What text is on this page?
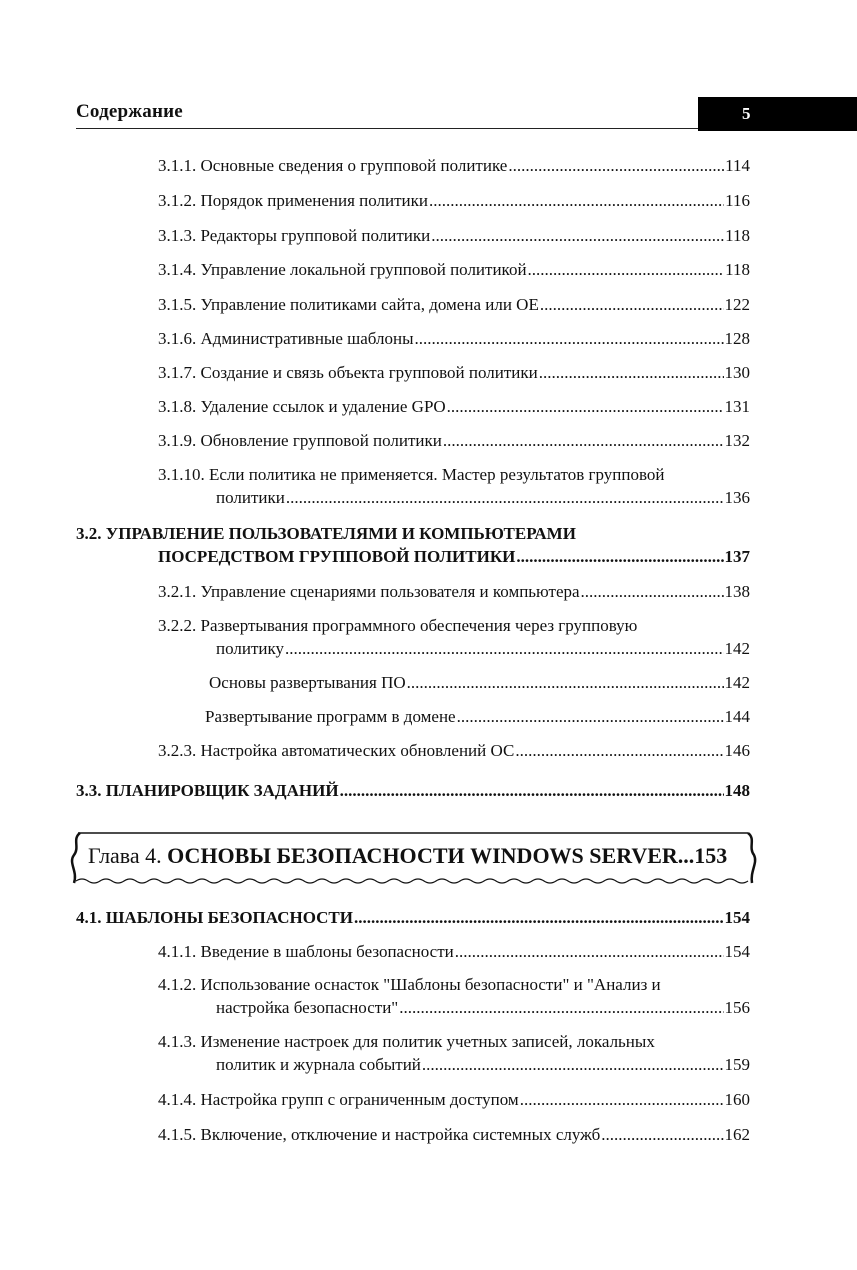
Содержание	5
3.1.1. Основные сведения о групповой политике .....	114
3.1.2. Порядок применения политики .....	116
3.1.3. Редакторы групповой политики .....	118
3.1.4. Управление локальной групповой политикой .....	118
3.1.5. Управление политиками сайта, домена или ОЕ .....	122
3.1.6. Административные шаблоны .....	128
3.1.7. Создание и связь объекта групповой политики .....	130
3.1.8. Удаление ссылок и удаление GPO .....	131
3.1.9. Обновление групповой политики .....	132
3.1.10. Если политика не применяется. Мастер результатов групповой
политики .....	136
3.2. УПРАВЛЕНИЕ ПОЛЬЗОВАТЕЛЯМИ И КОМПЬЮТЕРАМИ
ПОСРЕДСТВОМ ГРУППОВОЙ ПОЛИТИКИ .....	137
3.2.1. Управление сценариями пользователя и компьютера .....	138
3.2.2. Развертывания программного обеспечения через групповую
политику .....	142
Основы развертывания ПО .....	142
Развертывание программ в домене .....	144
3.2.3. Настройка автоматических обновлений ОС .....	146
3.3. ПЛАНИРОВЩИК ЗАДАНИЙ .....	148
Глава 4. ОСНОВЫ БЕЗОПАСНОСТИ WINDOWS SERVER...153
4.1. ШАБЛОНЫ БЕЗОПАСНОСТИ .....	154
4.1.1. Введение в шаблоны безопасности .....	154
4.1.2. Использование оснасток "Шаблоны безопасности" и "Анализ и
настройка безопасности" .....	156
4.1.3. Изменение настроек для политик учетных записей, локальных
политик и журнала событий .....	159
4.1.4. Настройка групп с ограниченным доступом .....	160
4.1.5. Включение, отключение и настройка системных служб .....	162
